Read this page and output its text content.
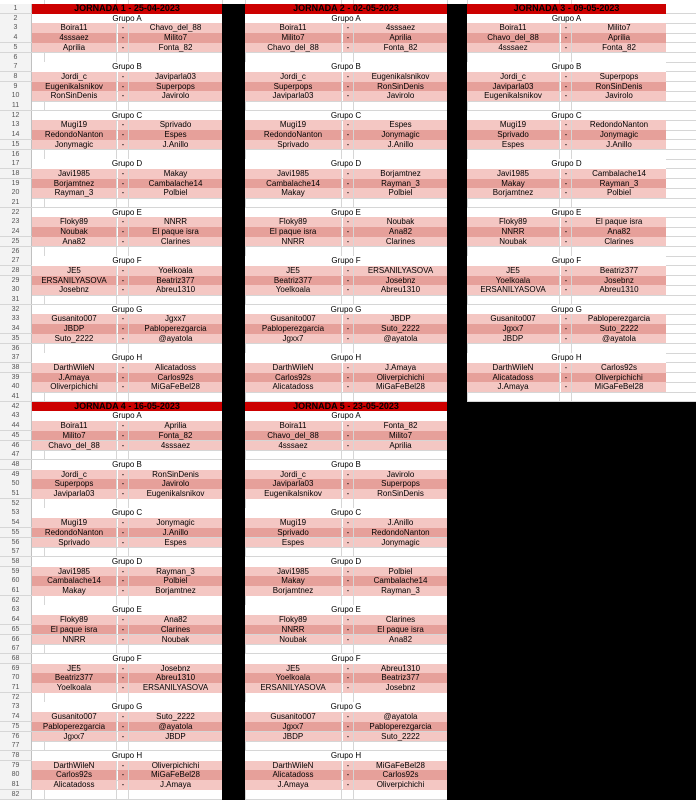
1
2
3
4
5
6
7
8
9
10
11
12
13
14
15
16
17
18
19
20
21
22
23
24
25
26
27
28
29
30
31
32
33
34
35
36
37
38
39
40
41
42
43
44
45
46
47
48
49
50
51
52
53
54
55
56
57
58
59
60
61
62
63
64
65
66
67
68
69
70
71
72
73
74
75
76
77
78
79
80
81
82
JORNADA 1 - 25-04-2023	JORNADA 2 - 02-05-2023	JORNADA 3 - 09-05-2023
Grupo A	Grupo A	Grupo A
Boira11	-	Chavo_del_88	Boira11	-	4sssaez	Boira11	-	Milito7
4sssaez	-	Milito7	Milito7	-	Aprilia	Chavo_del_88	-	Aprilia
Aprilia	-	Fonta_82	Chavo_del_88	-	Fonta_82	4sssaez	-	Fonta_82
Grupo B	Grupo B	Grupo B
Jordi_c	-	Javiparla03	Jordi_c	-	Eugenikalsnikov	Jordi_c	-	Superpops
Eugenikalsnikov	-	Superpops	Superpops	-	RonSinDenis	Javiparla03	-	RonSinDenis
RonSinDenis	-	Javirolo	Javiparla03	-	Javirolo	Eugenikalsnikov	-	Javirolo
Grupo C	Grupo C	Grupo C
Mugi19	-	Sprivado	Mugi19	-	Espes	Mugi19	-	RedondoNanton
RedondoNanton	-	Espes	RedondoNanton	-	Jonymagic	Sprivado	-	Jonymagic
Jonymagic	-	J.Anillo	Sprivado	-	J.Anillo	Espes	-	J.Anillo
Grupo D	Grupo D	Grupo D
Javi1985	-	Makay	Javi1985	-	Borjamtnez	Javi1985	-	Cambalache14
Borjamtnez	-	Cambalache14	Cambalache14	-	Rayman_3	Makay	-	Rayman_3
Rayman_3	-	Polbiel	Makay	-	Polbiel	Borjamtnez	-	Polbiel
Grupo E	Grupo E	Grupo E
Floky89	-	NNRR	Floky89	-	Noubak	Floky89	-	El paque isra
Noubak	-	El paque isra	El paque isra	-	Ana82	NNRR	-	Ana82
Ana82	-	Clarines	NNRR	-	Clarines	Noubak	-	Clarines
Grupo F	Grupo F	Grupo F
JE5	-	Yoelkoala	JE5	-	ERSANILYASOVA	JE5	-	Beatriz377
ERSANILYASOVA	-	Beatriz377	Beatriz377	-	Josebnz	Yoelkoala	-	Josebnz
Josebnz	-	Abreu1310	Yoelkoala	-	Abreu1310	ERSANILYASOVA	-	Abreu1310
Grupo G	Grupo G	Grupo G
Gusanito007	-	Jgxx7	Gusanito007	-	JBDP	Gusanito007	-	Pabloperezgarcia
JBDP	-	Pabloperezgarcia	Pabloperezgarcia	-	Suto_2222	Jgxx7	-	Suto_2222
Suto_2222	-	@ayatola	Jgxx7	-	@ayatola	JBDP	-	@ayatola
Grupo H	Grupo H	Grupo H
DarthWileN	-	Alicatadoss	DarthWileN	-	J.Amaya	DarthWileN	-	Carlos92s
J.Amaya	-	Carlos92s	Carlos92s	-	Oliverpichichi	Alicatadoss	-	Oliverpichichi
Oliverpichichi	-	MiGaFeBel28	Alicatadoss	-	MiGaFeBel28	J.Amaya	-	MiGaFeBel28
JORNADA 4 - 16-05-2023	JORNADA 5 - 23-05-2023
Grupo A	Grupo A
Boira11	-	Aprilia	Boira11	-	Fonta_82
Milito7	-	Fonta_82	Chavo_del_88	-	Milito7
Chavo_del_88	-	4sssaez	4sssaez	-	Aprilia
Grupo B	Grupo B
Jordi_c	-	RonSinDenis	Jordi_c	-	Javirolo
Superpops	-	Javirolo	Javiparla03	-	Superpops
Javiparla03	-	Eugenikalsnikov	Eugenikalsnikov	-	RonSinDenis
Grupo C	Grupo C
Mugi19	-	Jonymagic	Mugi19	-	J.Anillo
RedondoNanton	-	J.Anillo	Sprivado	-	RedondoNanton
Sprivado	-	Espes	Espes	-	Jonymagic
Grupo D	Grupo D
Javi1985	-	Rayman_3	Javi1985	-	Polbiel
Cambalache14	-	Polbiel	Makay	-	Cambalache14
Makay	-	Borjamtnez	Borjamtnez	-	Rayman_3
Grupo E	Grupo E
Floky89	-	Ana82	Floky89	-	Clarines
El paque isra	-	Clarines	NNRR	-	El paque isra
NNRR	-	Noubak	Noubak	-	Ana82
Grupo F	Grupo F
JE5	-	Josebnz	JE5	-	Abreu1310
Beatriz377	-	Abreu1310	Yoelkoala	-	Beatriz377
Yoelkoala	-	ERSANILYASOVA	ERSANILYASOVA	-	Josebnz
Grupo G	Grupo G
Gusanito007	-	Suto_2222	Gusanito007	-	@ayatola
Pabloperezgarcia	-	@ayatola	Jgxx7	-	Pabloperezgarcia
Jgxx7	-	JBDP	JBDP	-	Suto_2222
Grupo H	Grupo H
DarthWileN	-	Oliverpichichi	DarthWileN	-	MiGaFeBel28
Carlos92s	-	MiGaFeBel28	Alicatadoss	-	Carlos92s
Alicatadoss	-	J.Amaya	J.Amaya	-	Oliverpichichi
